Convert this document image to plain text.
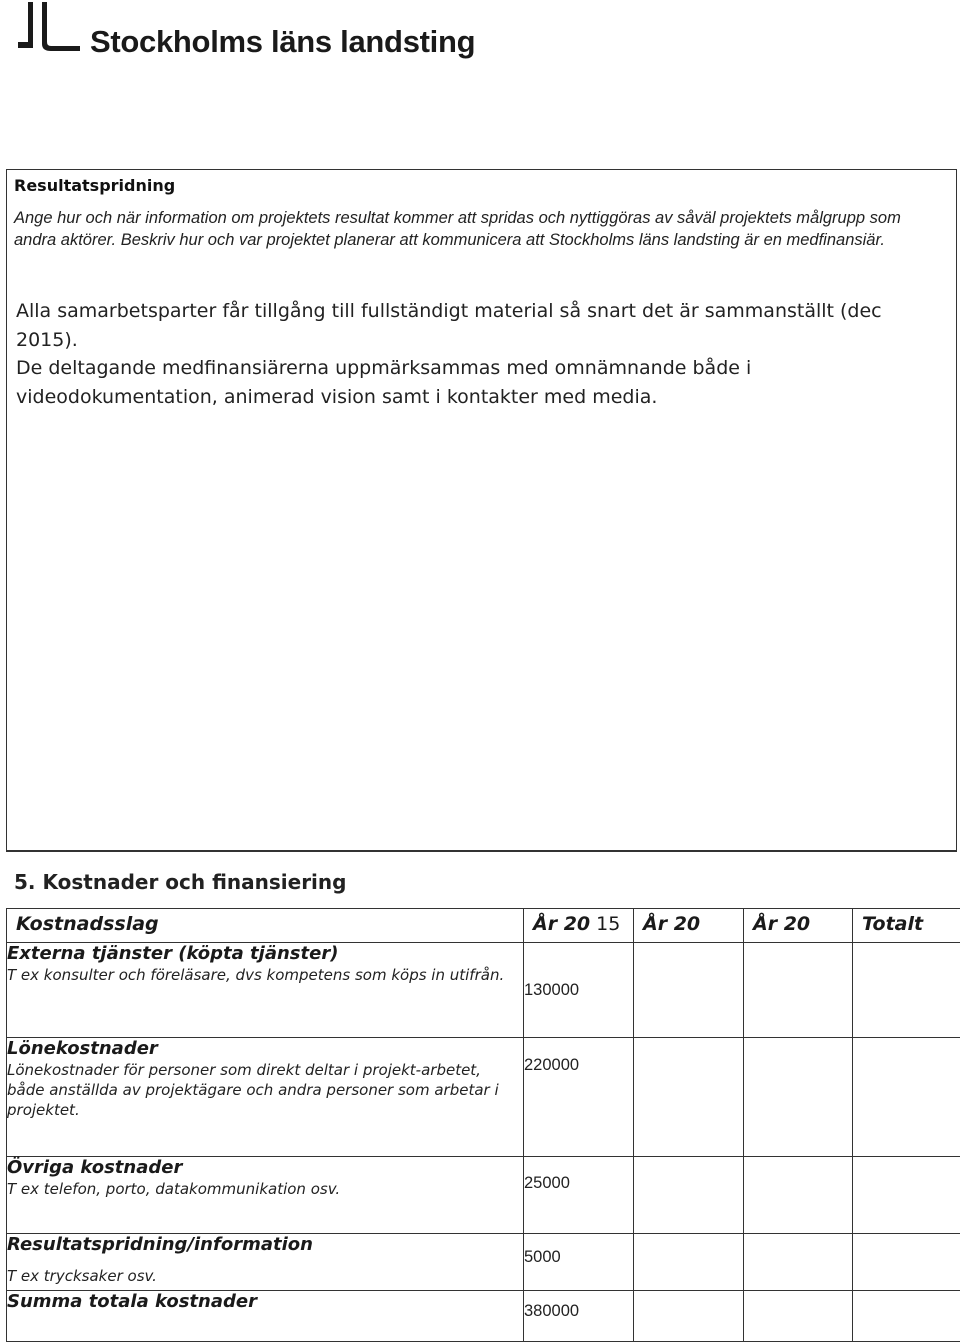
Stockholms läns landsting
Resultatspridning
Ange hur och när information om projektets resultat kommer att spridas och nyttiggöras av såväl projektets målgrupp som andra aktörer. Beskriv hur och var projektet planerar att kommunicera att Stockholms läns landsting är en medfinansiär.

Alla samarbetsparter får tillgång till fullständigt material så snart det är sammanställt (dec 2015).

De deltagande medfinansiärerna uppmärksammas med omnämnande både i videodokumentation, animerad vision samt i kontakter med media.

5. Kostnader och finansiering
Kostnadsslag	År 20 15	År 20	År 20	Totalt

Externa tjänster (köpta tjänster)
T ex konsulter och föreläsare, dvs kompetens som köps in utifrån.	130000			

Lönekostnader
Lönekostnader för personer som direkt deltar i projekt-arbetet, både anställda av projektägare och andra personer som arbetar i projektet.	220000			

Övriga kostnader
T ex telefon, porto, datakommunikation osv.	25000			

Resultatspridning/information
T ex trycksaker osv.	5000			
Summa totala kostnader	380000			
